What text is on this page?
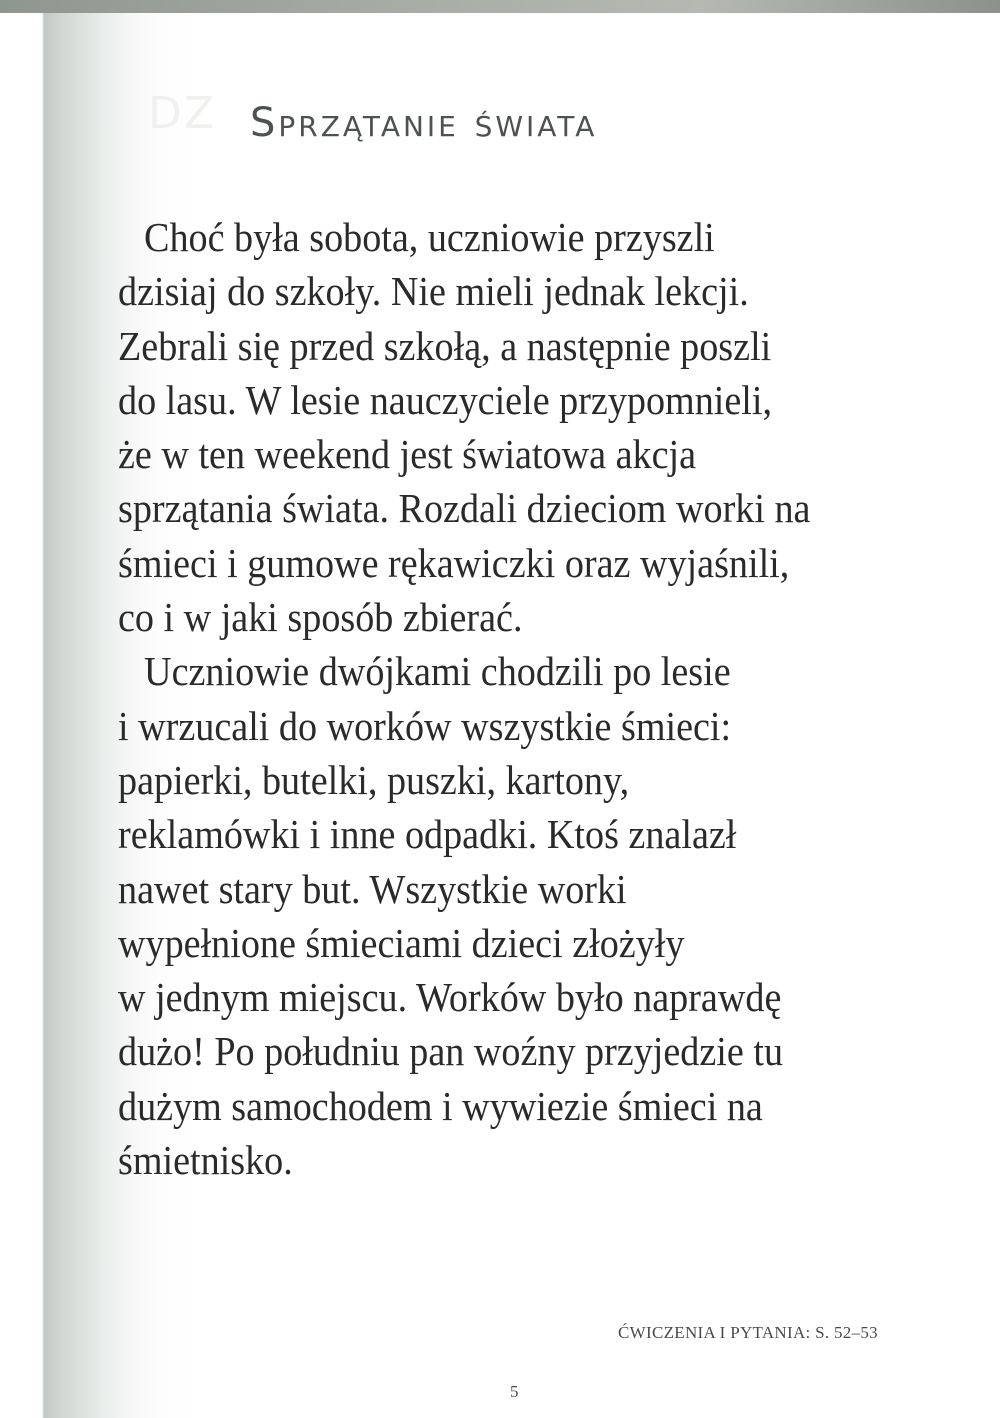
DZ Sprzątanie świata
Choć była sobota, uczniowie przyszli
dzisiaj do szkoły. Nie mieli jednak lekcji.
Zebrali się przed szkołą, a następnie poszli
do lasu. W lesie nauczyciele przypomnieli,
że w ten weekend jest światowa akcja
sprzątania świata. Rozdali dzieciom worki na
śmieci i gumowe rękawiczki oraz wyjaśnili,
co i w jaki sposób zbierać.
Uczniowie dwójkami chodzili po lesie
i wrzucali do worków wszystkie śmieci:
papierki, butelki, puszki, kartony,
reklamówki i inne odpadki. Ktoś znalazł
nawet stary but. Wszystkie worki
wypełnione śmieciami dzieci złożyły
w jednym miejscu. Worków było naprawdę
dużo! Po południu pan woźny przyjedzie tu
dużym samochodem i wywiezie śmieci na
śmietnisko.
ĆWICZENIA I PYTANIA: S. 52–53
5
